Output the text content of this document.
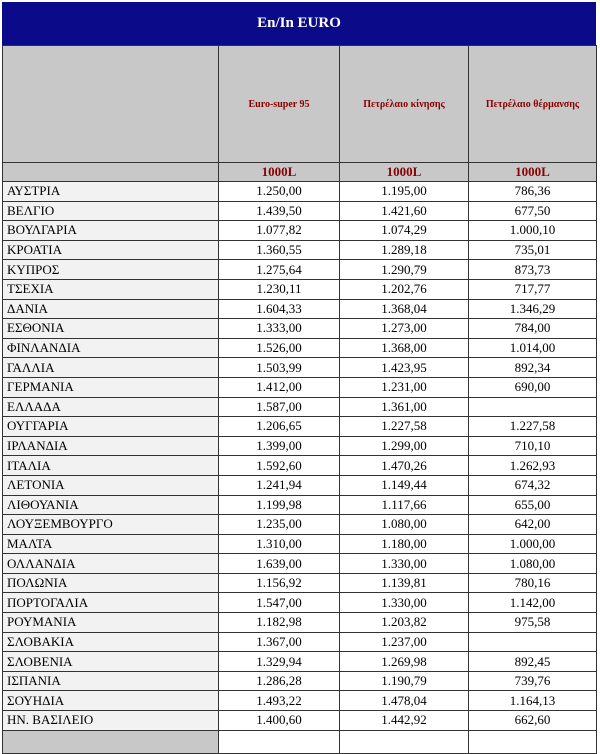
En/In EURO
	Euro-super 95	Πετρέλαιο κίνησης	Πετρέλαιο θέρμανσης
	1000L	1000L	1000L
ΑΥΣΤΡΙΑ	1.250,00	1.195,00	786,36
ΒΕΛΓΙΟ	1.439,50	1.421,60	677,50
ΒΟΥΛΓΑΡΙΑ	1.077,82	1.074,29	1.000,10
ΚΡΟΑΤΙΑ	1.360,55	1.289,18	735,01
ΚΥΠΡΟΣ	1.275,64	1.290,79	873,73
ΤΣΕΧΙΑ	1.230,11	1.202,76	717,77
ΔΑΝΙΑ	1.604,33	1.368,04	1.346,29
ΕΣΘΟΝΙΑ	1.333,00	1.273,00	784,00
ΦΙΝΛΑΝΔΙΑ	1.526,00	1.368,00	1.014,00
ΓΑΛΛΙΑ	1.503,99	1.423,95	892,34
ΓΕΡΜΑΝΙΑ	1.412,00	1.231,00	690,00
ΕΛΛΑΔΑ	1.587,00	1.361,00	
ΟΥΓΓΑΡΙΑ	1.206,65	1.227,58	1.227,58
ΙΡΛΑΝΔΙΑ	1.399,00	1.299,00	710,10
ΙΤΑΛΙΑ	1.592,60	1.470,26	1.262,93
ΛΕΤΟΝΙΑ	1.241,94	1.149,44	674,32
ΛΙΘΟΥΑΝΙΑ	1.199,98	1.117,66	655,00
ΛΟΥΞΕΜΒΟΥΡΓΟ	1.235,00	1.080,00	642,00
ΜΑΛΤΑ	1.310,00	1.180,00	1.000,00
ΟΛΛΑΝΔΙΑ	1.639,00	1.330,00	1.080,00
ΠΟΛΩΝΙΑ	1.156,92	1.139,81	780,16
ΠΟΡΤΟΓΑΛΙΑ	1.547,00	1.330,00	1.142,00
ΡΟΥΜΑΝΙΑ	1.182,98	1.203,82	975,58
ΣΛΟΒΑΚΙΑ	1.367,00	1.237,00	
ΣΛΟΒΕΝΙΑ	1.329,94	1.269,98	892,45
ΙΣΠΑΝΙΑ	1.286,28	1.190,79	739,76
ΣΟΥΗΔΙΑ	1.493,22	1.478,04	1.164,13
ΗΝ. ΒΑΣΙΛΕΙΟ	1.400,60	1.442,92	662,60
